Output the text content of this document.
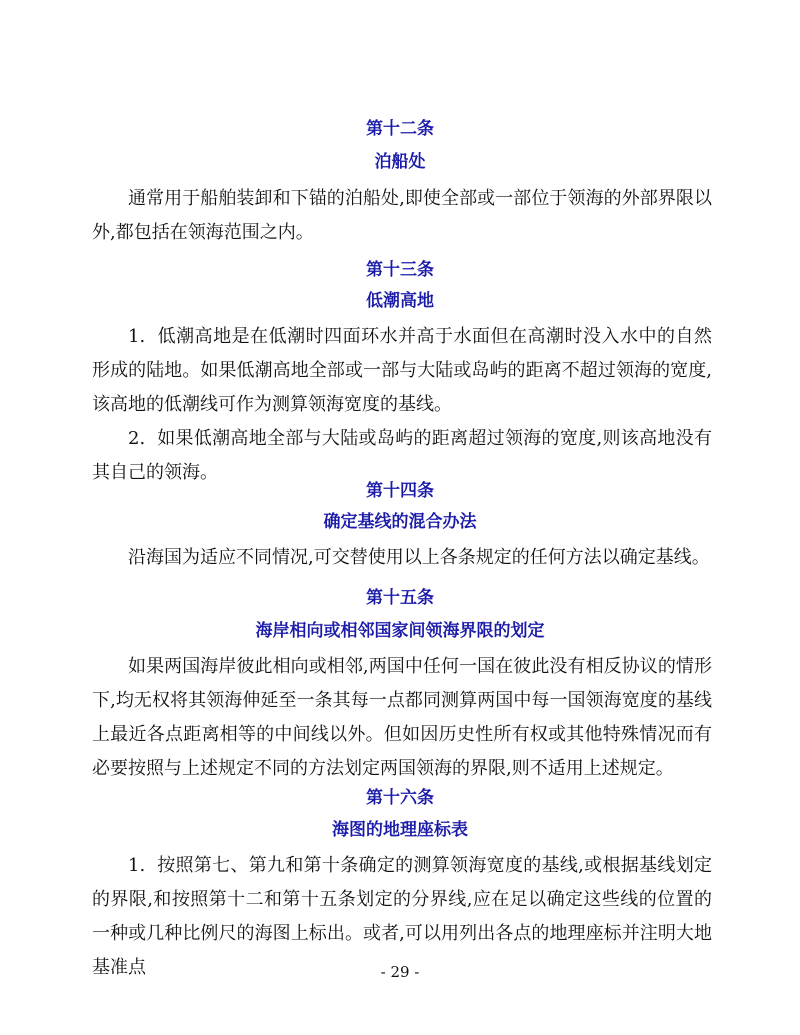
第十二条

泊船处

通常用于船舶装卸和下锚的泊船处,即使全部或一部位于领海的外部界限以外,都包括在领海范围之内。

第十三条

低潮高地

1.  低潮高地是在低潮时四面环水并高于水面但在高潮时没入水中的自然形成的陆地。如果低潮高地全部或一部与大陆或岛屿的距离不超过领海的宽度,该高地的低潮线可作为测算领海宽度的基线。

2.  如果低潮高地全部与大陆或岛屿的距离超过领海的宽度,则该高地没有其自己的领海。

第十四条

确定基线的混合办法

沿海国为适应不同情况,可交替使用以上各条规定的任何方法以确定基线。

第十五条

海岸相向或相邻国家间领海界限的划定

如果两国海岸彼此相向或相邻,两国中任何一国在彼此没有相反协议的情形下,均无权将其领海伸延至一条其每一点都同测算两国中每一国领海宽度的基线上最近各点距离相等的中间线以外。但如因历史性所有权或其他特殊情况而有必要按照与上述规定不同的方法划定两国领海的界限,则不适用上述规定。

第十六条

海图的地理座标表

1.  按照第七、第九和第十条确定的测算领海宽度的基线,或根据基线划定的界限,和按照第十二和第十五条划定的分界线,应在足以确定这些线的位置的一种或几种比例尺的海图上标出。或者,可以用列出各点的地理座标并注明大地基准点	- 29 -
